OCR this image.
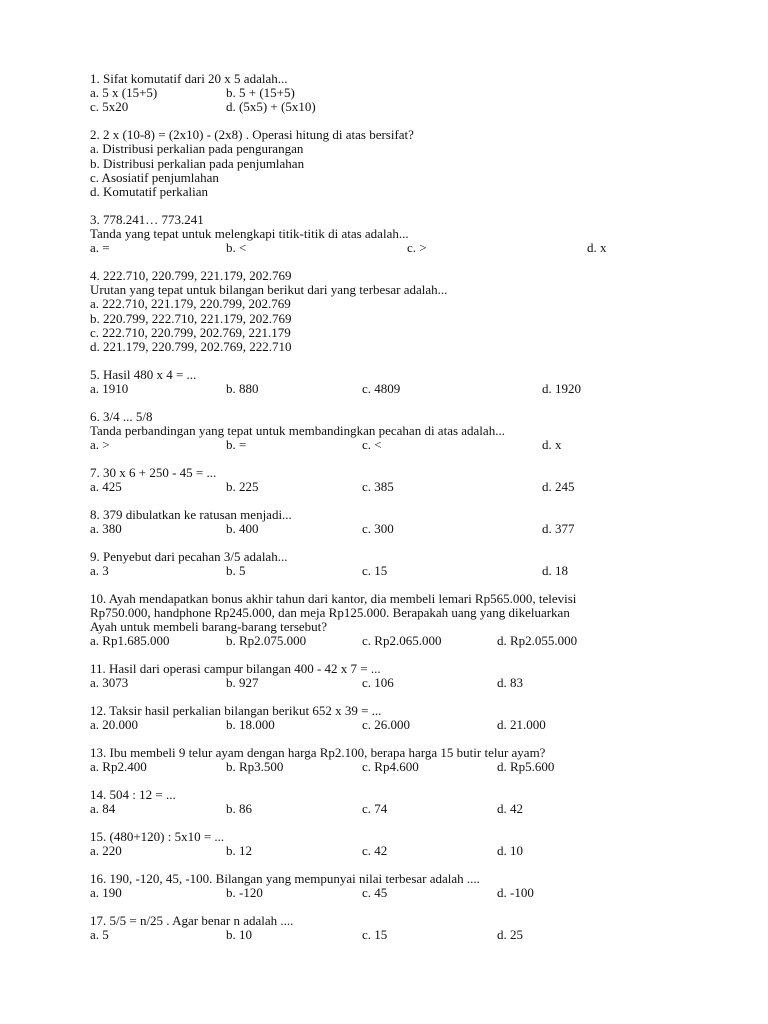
1. Sifat komutatif dari 20 x 5 adalah...

a. 5 x (15+5)	b. 5 + (15+5)
c. 5x20	d. (5x5) + (5x10)

2. 2 x (10-8) = (2x10) - (2x8) . Operasi hitung di atas bersifat?

a. Distribusi perkalian pada pengurangan
b. Distribusi perkalian pada penjumlahan
c. Asosiatif penjumlahan
d. Komutatif perkalian

3. 778.241… 773.241

Tanda yang tepat untuk melengkapi titik-titik di atas adalah...

a. =	b. <	c. >	d. x

4. 222.710, 220.799, 221.179, 202.769

Urutan yang tepat untuk bilangan berikut dari yang terbesar adalah...

a. 222.710, 221.179, 220.799, 202.769
b. 220.799, 222.710, 221.179, 202.769
c. 222.710, 220.799, 202.769, 221.179
d. 221.179, 220.799, 202.769, 222.710

5. Hasil 480 x 4 = ...

a. 1910	b. 880	c. 4809	d. 1920

6. 3/4 ... 5/8

Tanda perbandingan yang tepat untuk membandingkan pecahan di atas adalah...

a. >	b. =	c. <	d. x

7. 30 x 6 + 250 - 45 = ...

a. 425	b. 225	c. 385	d. 245

8. 379 dibulatkan ke ratusan menjadi...

a. 380	b. 400	c. 300	d. 377

9. Penyebut dari pecahan 3/5 adalah...

a. 3	b. 5	c. 15	d. 18

10. Ayah mendapatkan bonus akhir tahun dari kantor, dia membeli lemari Rp565.000, televisi

Rp750.000, handphone Rp245.000, dan meja Rp125.000. Berapakah uang yang dikeluarkan

Ayah untuk membeli barang-barang tersebut?

a. Rp1.685.000	b. Rp2.075.000	c. Rp2.065.000	d. Rp2.055.000

11. Hasil dari operasi campur bilangan 400 - 42 x 7 = ...

a. 3073	b. 927	c. 106	d. 83

12. Taksir hasil perkalian bilangan berikut 652 x 39 = ...

a. 20.000	b. 18.000	c. 26.000	d. 21.000

13. Ibu membeli 9 telur ayam dengan harga Rp2.100, berapa harga 15 butir telur ayam?

a. Rp2.400	b. Rp3.500	c. Rp4.600	d. Rp5.600

14. 504 : 12 = ...

a. 84	b. 86	c. 74	d. 42

15. (480+120) : 5x10 = ...

a. 220	b. 12	c. 42	d. 10

16. 190, -120, 45, -100. Bilangan yang mempunyai nilai terbesar adalah ....

a. 190	b. -120	c. 45	d. -100

17. 5/5 = n/25 . Agar benar n adalah ....

a. 5	b. 10	c. 15	d. 25
